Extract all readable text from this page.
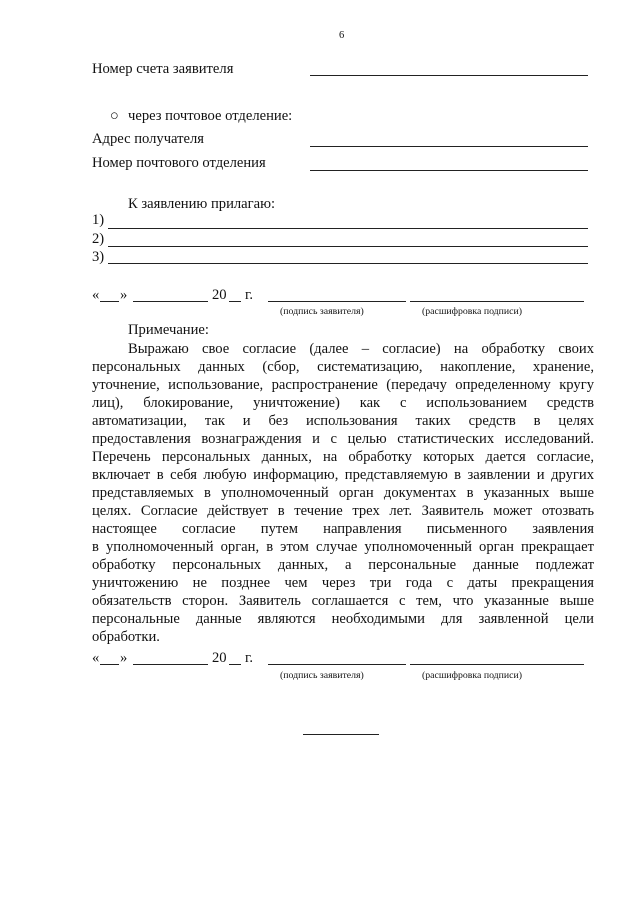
6
Номер счета заявителя
○ через почтовое отделение:
Адрес получателя
Номер почтового отделения
К заявлению прилагаю:
1)
2)
3)
« »	20 г.
(подпись заявителя)	(расшифровка подписи)
Примечание:
Выражаю свое согласие (далее – согласие) на обработку своих
персональных данных (сбор, систематизацию, накопление, хранение,
уточнение, использование, распространение (передачу определенному кругу
лиц), блокирование, уничтожение) как с использованием средств
автоматизации, так и без использования таких средств в целях
предоставления вознаграждения и с целью статистических исследований.
Перечень персональных данных, на обработку которых дается согласие,
включает в себя любую информацию, представляемую в заявлении и других
представляемых в уполномоченный орган документах в указанных выше
целях. Согласие действует в течение трех лет. Заявитель может отозвать
настоящее согласие путем направления письменного заявления
в уполномоченный орган, в этом случае уполномоченный орган прекращает
обработку персональных данных, а персональные данные подлежат
уничтожению не позднее чем через три года с даты прекращения
обязательств сторон. Заявитель соглашается с тем, что указанные выше
персональные данные являются необходимыми для заявленной цели
обработки.
« »	20 г.
(подпись заявителя)	(расшифровка подписи)
